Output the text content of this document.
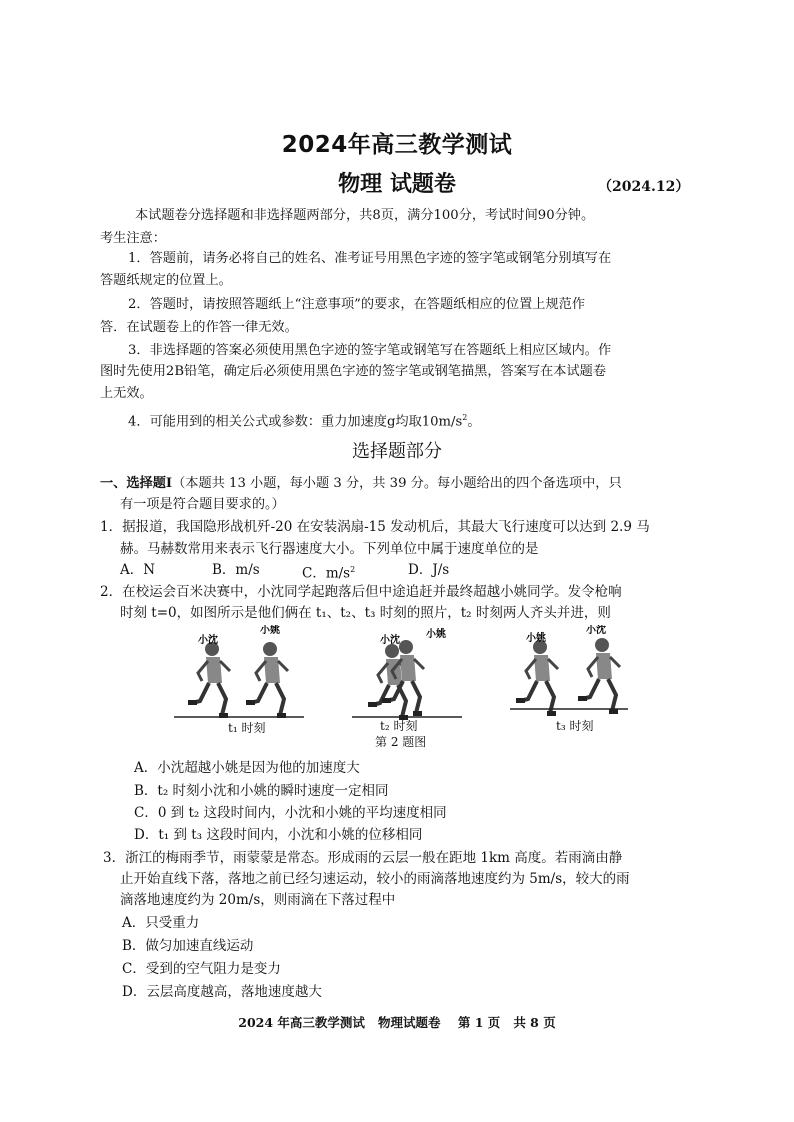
2024年高三教学测试
物理 试题卷	（2024.12）
本试题卷分选择题和非选择题两部分，共8页，满分100分，考试时间90分钟。
考生注意：
1．答题前，请务必将自己的姓名、准考证号用黑色字迹的签字笔或钢笔分别填写在
答题纸规定的位置上。
2．答题时，请按照答题纸上“注意事项”的要求，在答题纸相应的位置上规范作
答．在试题卷上的作答一律无效。
3．非选择题的答案必须使用黑色字迹的签字笔或钢笔写在答题纸上相应区域内。作
图时先使用2B铅笔，确定后必须使用黑色字迹的签字笔或钢笔描黑，答案写在本试题卷
上无效。
4．可能用到的相关公式或参数：重力加速度g均取$10m/s^2$。
选择题部分
一、选择题Ⅰ（本题共 13 小题，每小题 3 分，共 39 分。每小题给出的四个备选项中，只
有一项是符合题目要求的。）
1．据报道，我国隐形战机歼-20 在安装涡扇-15 发动机后，其最大飞行速度可以达到 2.9 马
赫。马赫数常用来表示飞行器速度大小。下列单位中属于速度单位的是
A．N	B．m/s	C．$m/s^2$	D．J/s
2．在校运会百米决赛中，小沈同学起跑落后但中途追赶并最终超越小姚同学。发令枪响
时刻 t=0，如图所示是他们俩在 t₁、t₂、t₃ 时刻的照片，t₂ 时刻两人齐头并进，则
小沈
小姚
小沈
小姚	小姚
小沈
t₁ 时刻	t₂ 时刻	t₃ 时刻
第 2 题图
A．小沈超越小姚是因为他的加速度大
B．t₂ 时刻小沈和小姚的瞬时速度一定相同
C．0 到 t₂ 这段时间内，小沈和小姚的平均速度相同
D．t₁ 到 t₃ 这段时间内，小沈和小姚的位移相同
3．浙江的梅雨季节，雨蒙蒙是常态。形成雨的云层一般在距地 1km 高度。若雨滴由静
止开始直线下落，落地之前已经匀速运动，较小的雨滴落地速度约为 5m/s，较大的雨
滴落地速度约为 20m/s，则雨滴在下落过程中
A．只受重力
B．做匀加速直线运动
C．受到的空气阻力是变力
D．云层高度越高，落地速度越大
2024 年高三教学测试   物理试题卷    第 1 页   共 8 页
